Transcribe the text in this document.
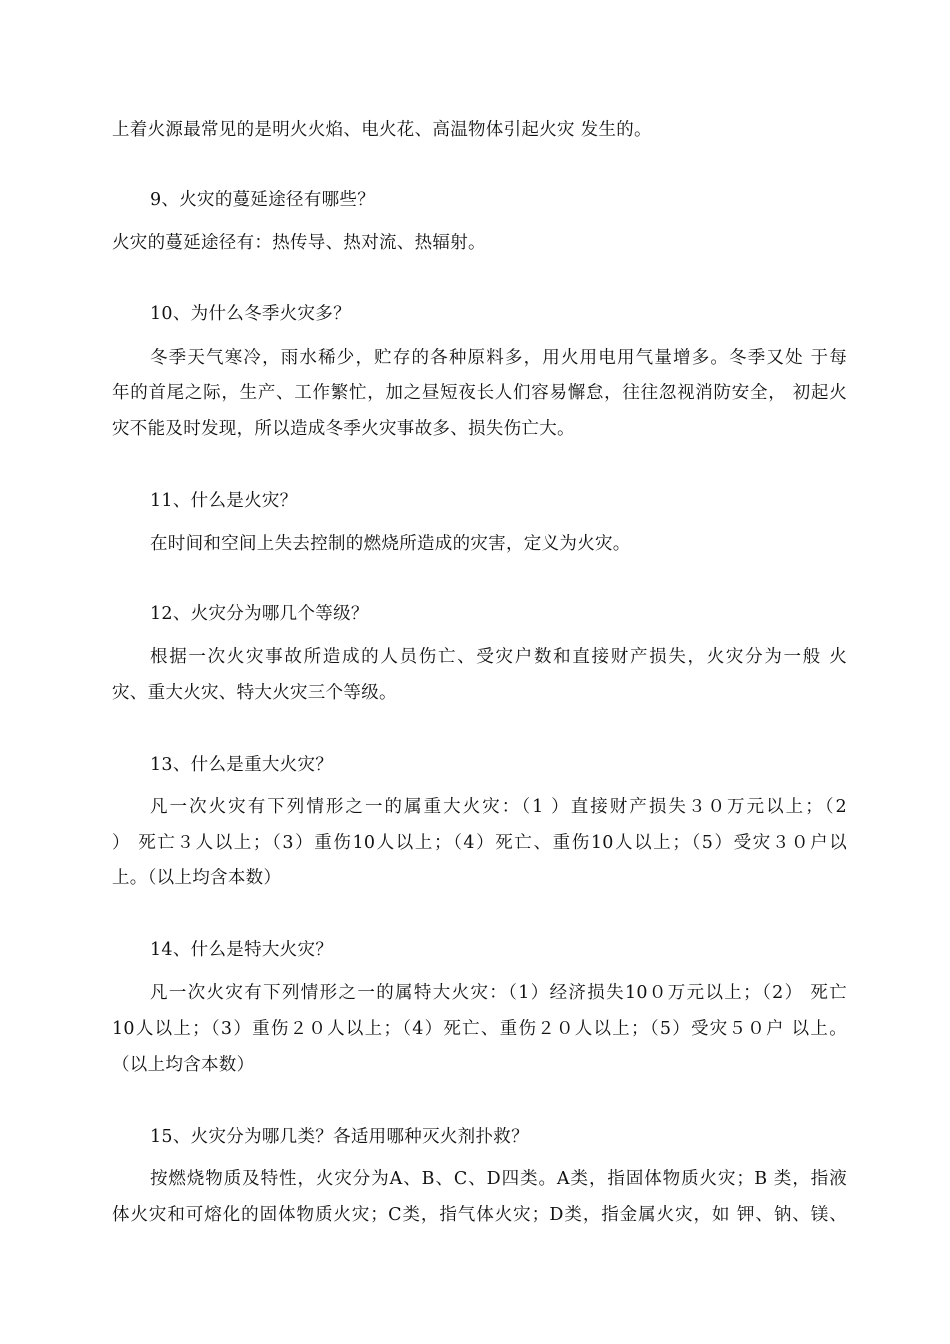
上着火源最常见的是明火火焰、电火花、高温物体引起火灾 发生的。
9、火灾的蔓延途径有哪些？
火灾的蔓延途径有：热传导、热对流、热辐射。
10、为什么冬季火灾多？
冬季天气寒冷，雨水稀少，贮存的各种原料多，用火用电用气量增多。冬季又处 于每
年的首尾之际，生产、工作繁忙，加之昼短夜长人们容易懈怠，往往忽视消防安全， 初起火
灾不能及时发现，所以造成冬季火灾事故多、损失伤亡大。
11、什么是火灾？
在时间和空间上失去控制的燃烧所造成的灾害，定义为火灾。
12、火灾分为哪几个等级？
根据一次火灾事故所造成的人员伤亡、受灾户数和直接财产损失，火灾分为一般 火
灾、重大火灾、特大火灾三个等级。
13、什么是重大火灾？
凡一次火灾有下列情形之一的属重大火灾：（1 ）直接财产损失３０万元以上；（2
） 死亡３人以上；（3）重伤10人以上；（4）死亡、重伤10人以上；（5）受灾３０户以
上。（以上均含本数）
14、什么是特大火灾？
凡一次火灾有下列情形之一的属特大火灾：（1）经济损失10０万元以上；（2） 死亡
10人以上；（3）重伤２０人以上；（4）死亡、重伤２０人以上；（5）受灾５０户 以上。
（以上均含本数）
15、火灾分为哪几类？各适用哪种灭火剂扑救？
按燃烧物质及特性，火灾分为A、B、C、D四类。A类，指固体物质火灾；B 类，指液
体火灾和可熔化的固体物质火灾；C类，指气体火灾；D类，指金属火灾，如 钾、钠、镁、
